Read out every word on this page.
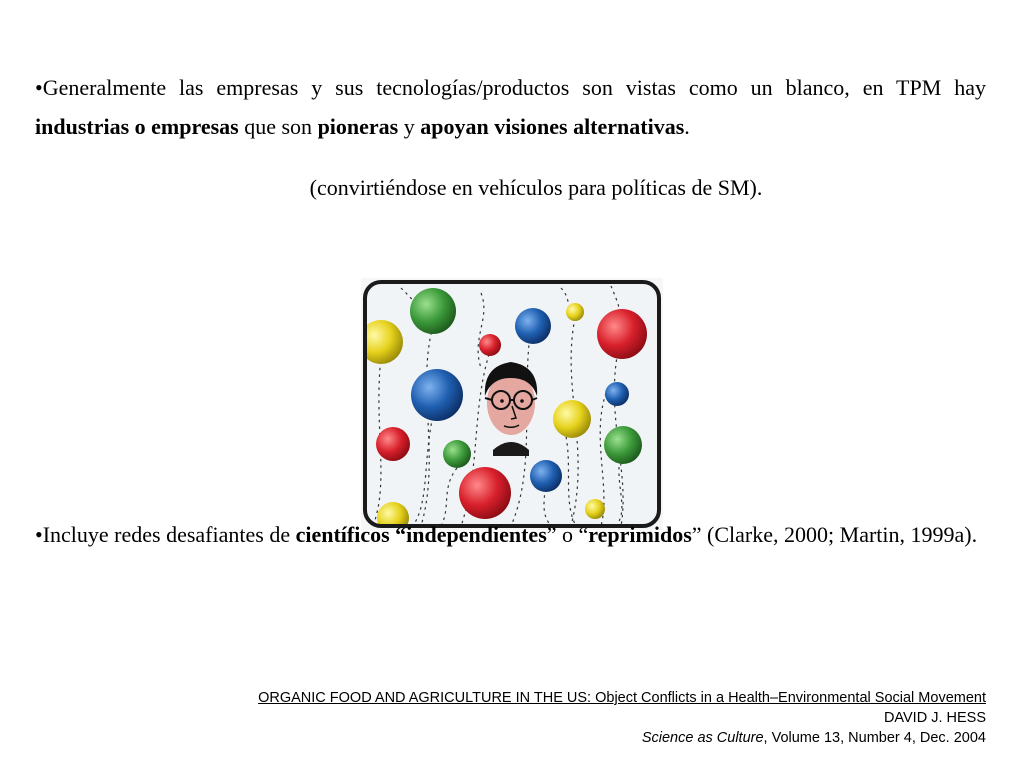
•Generalmente las empresas y sus tecnologías/productos son vistas como un blanco, en TPM hay industrias o empresas que son pioneras y apoyan visiones alternativas.
(convirtiéndose en vehículos para políticas de SM).
•Incluye redes desafiantes de científicos “independientes” o “reprimidos” (Clarke, 2000; Martin, 1999a).
ORGANIC FOOD AND AGRICULTURE IN THE US: Object Conflicts in a Health–Environmental Social Movement
DAVID J. HESS
Science as Culture, Volume 13, Number 4, Dec. 2004
